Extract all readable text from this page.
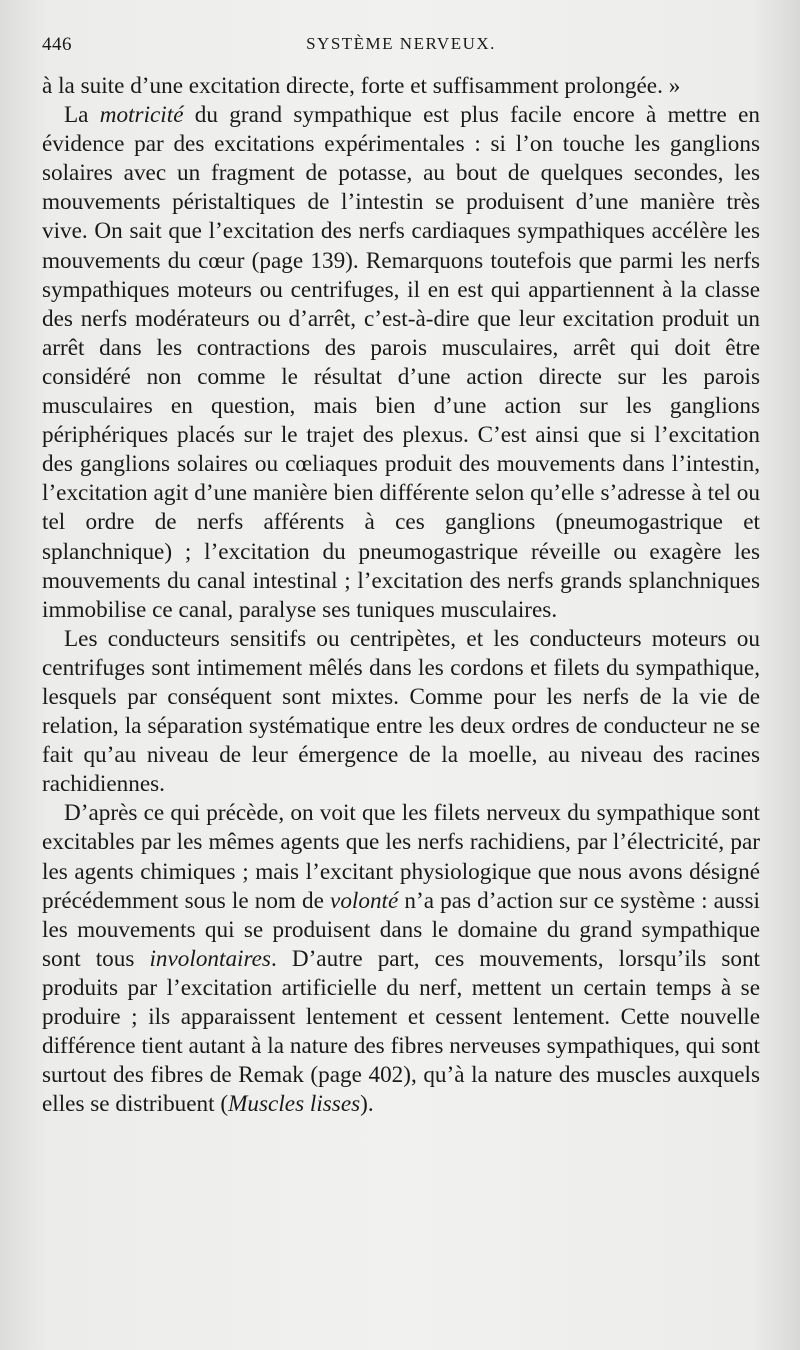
446	SYSTÈME NERVEUX.

à la suite d’une excitation directe, forte et suffisamment prolongée. »

La motricité du grand sympathique est plus facile encore à mettre en évidence par des excitations expérimentales : si l’on touche les ganglions solaires avec un fragment de potasse, au bout de quelques secondes, les mouvements péristaltiques de l’intestin se produisent d’une manière très vive. On sait que l’excitation des nerfs cardiaques sympathiques accélère les mouvements du cœur (page 139). Remarquons toutefois que parmi les nerfs sympathiques moteurs ou centrifuges, il en est qui appartiennent à la classe des nerfs modérateurs ou d’arrêt, c’est-à-dire que leur excitation produit un arrêt dans les contractions des parois musculaires, arrêt qui doit être considéré non comme le résultat d’une action directe sur les parois musculaires en question, mais bien d’une action sur les ganglions périphériques placés sur le trajet des plexus. C’est ainsi que si l’excitation des ganglions solaires ou cœliaques produit des mouvements dans l’intestin, l’excitation agit d’une manière bien différente selon qu’elle s’adresse à tel ou tel ordre de nerfs afférents à ces ganglions (pneumogastrique et splanchnique) ; l’excitation du pneumogastrique réveille ou exagère les mouvements du canal intestinal ; l’excitation des nerfs grands splanchniques immobilise ce canal, paralyse ses tuniques musculaires.

Les conducteurs sensitifs ou centripètes, et les conducteurs moteurs ou centrifuges sont intimement mêlés dans les cordons et filets du sympathique, lesquels par conséquent sont mixtes. Comme pour les nerfs de la vie de relation, la séparation systématique entre les deux ordres de conducteur ne se fait qu’au niveau de leur émergence de la moelle, au niveau des racines rachidiennes.

D’après ce qui précède, on voit que les filets nerveux du sympathique sont excitables par les mêmes agents que les nerfs rachidiens, par l’électricité, par les agents chimiques ; mais l’excitant physiologique que nous avons désigné précédemment sous le nom de volonté n’a pas d’action sur ce système : aussi les mouvements qui se produisent dans le domaine du grand sympathique sont tous involontaires. D’autre part, ces mouvements, lorsqu’ils sont produits par l’excitation artificielle du nerf, mettent un certain temps à se produire ; ils apparaissent lentement et cessent lentement. Cette nouvelle différence tient autant à la nature des fibres nerveuses sympathiques, qui sont surtout des fibres de Remak (page 402), qu’à la nature des muscles auxquels elles se distribuent (Muscles lisses).
